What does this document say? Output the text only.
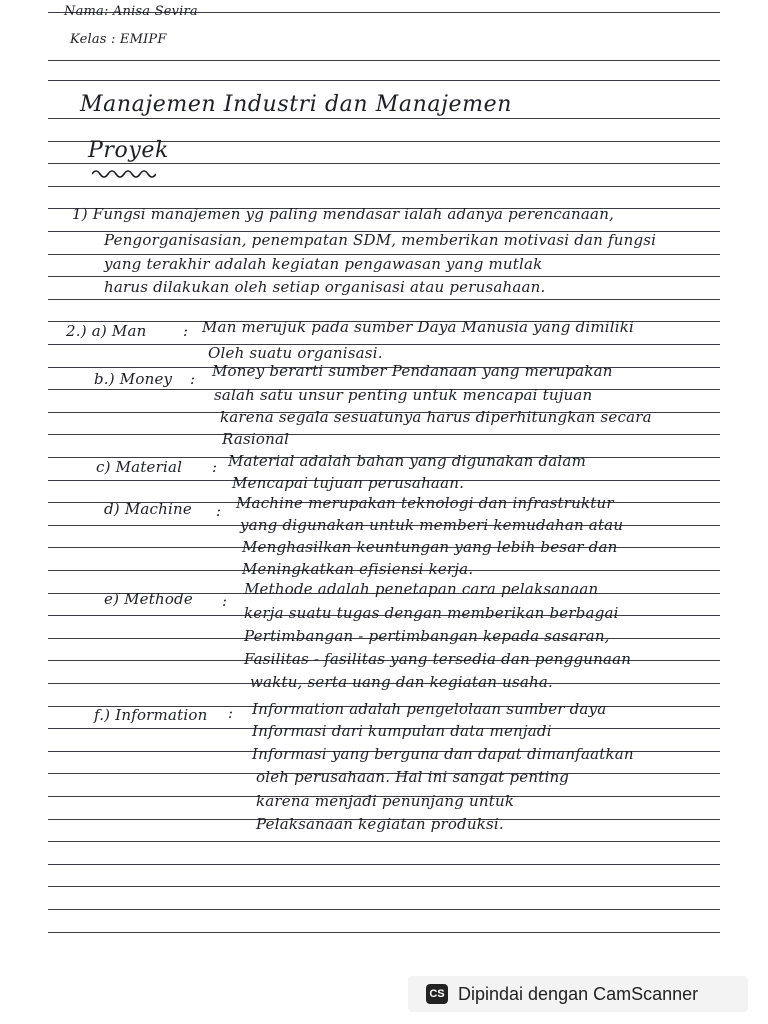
Nama: Anisa Sevira
Kelas : EMIPF
Manajemen Industri dan Manajemen
Proyek
1) Fungsi manajemen yg paling mendasar ialah adanya perencanaan,
Pengorganisasian, penempatan SDM, memberikan motivasi dan fungsi
yang terakhir adalah kegiatan pengawasan yang mutlak
harus dilakukan oleh setiap organisasi atau perusahaan.
2.) a) Man : Man merujuk pada sumber Daya Manusia yang dimiliki
Oleh suatu organisasi.
b.) Money : Money berarti sumber Pendanaan yang merupakan
salah satu unsur penting untuk mencapai tujuan
karena segala sesuatunya harus diperhitungkan secara
Rasional
c) Material : Material adalah bahan yang digunakan dalam
Mencapai tujuan perusahaan.
d) Machine : Machine merupakan teknologi dan infrastruktur
yang digunakan untuk memberi kemudahan atau
Menghasilkan keuntungan yang lebih besar dan
Meningkatkan efisiensi kerja.
e) Methode :
Methode adalah penetapan cara pelaksanaan
kerja suatu tugas dengan memberikan berbagai
Pertimbangan - pertimbangan kepada sasaran,
Fasilitas - fasilitas yang tersedia dan penggunaan
waktu, serta uang dan kegiatan usaha.
f.) Information : Information adalah pengelolaan sumber daya
Informasi dari kumpulan data menjadi
Informasi yang berguna dan dapat dimanfaatkan
oleh perusahaan. Hal ini sangat penting
karena menjadi penunjang untuk
Pelaksanaan kegiatan produksi.
CS Dipindai dengan CamScanner
